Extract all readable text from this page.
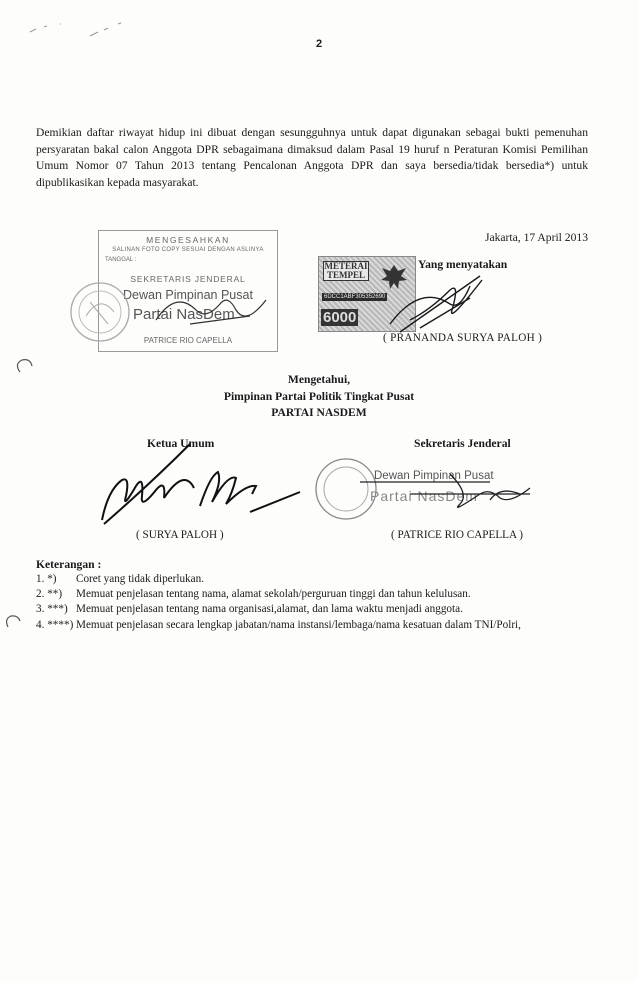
2
Demikian daftar riwayat hidup ini dibuat dengan sesungguhnya untuk dapat digunakan sebagai bukti pemenuhan persyaratan bakal calon Anggota DPR sebagaimana dimaksud dalam Pasal 19 huruf n Peraturan Komisi Pemilihan Umum Nomor 07 Tahun 2013 tentang Pencalonan Anggota DPR dan saya bersedia/tidak bersedia*) untuk dipublikasikan kepada masyarakat.
Jakarta, 17 April 2013
MENGESAHKAN
SALINAN FOTO COPY SESUAI DENGAN ASLINYA
TANGGAL :
SEKRETARIS JENDERAL
Dewan Pimpinan Pusat
Partai NasDem
PATRICE RIO CAPELLA
METERAI TEMPEL
6DCC1ABF305352690
6000
Yang menyatakan
( PRANANDA SURYA PALOH )
Mengetahui,
Pimpinan Partai Politik Tingkat Pusat
PARTAI NASDEM
Ketua Umum	Sekretaris Jenderal
Dewan Pimpinan Pusat
Partai NasDem
( SURYA PALOH )	( PATRICE RIO CAPELLA )
Keterangan :
1. *) Coret yang tidak diperlukan.
2. **) Memuat penjelasan tentang nama, alamat sekolah/perguruan tinggi dan tahun kelulusan.
3. ***) Memuat penjelasan tentang nama organisasi,alamat, dan lama waktu menjadi anggota.
4. ****) Memuat penjelasan secara lengkap jabatan/nama instansi/lembaga/nama kesatuan dalam TNI/Polri,
